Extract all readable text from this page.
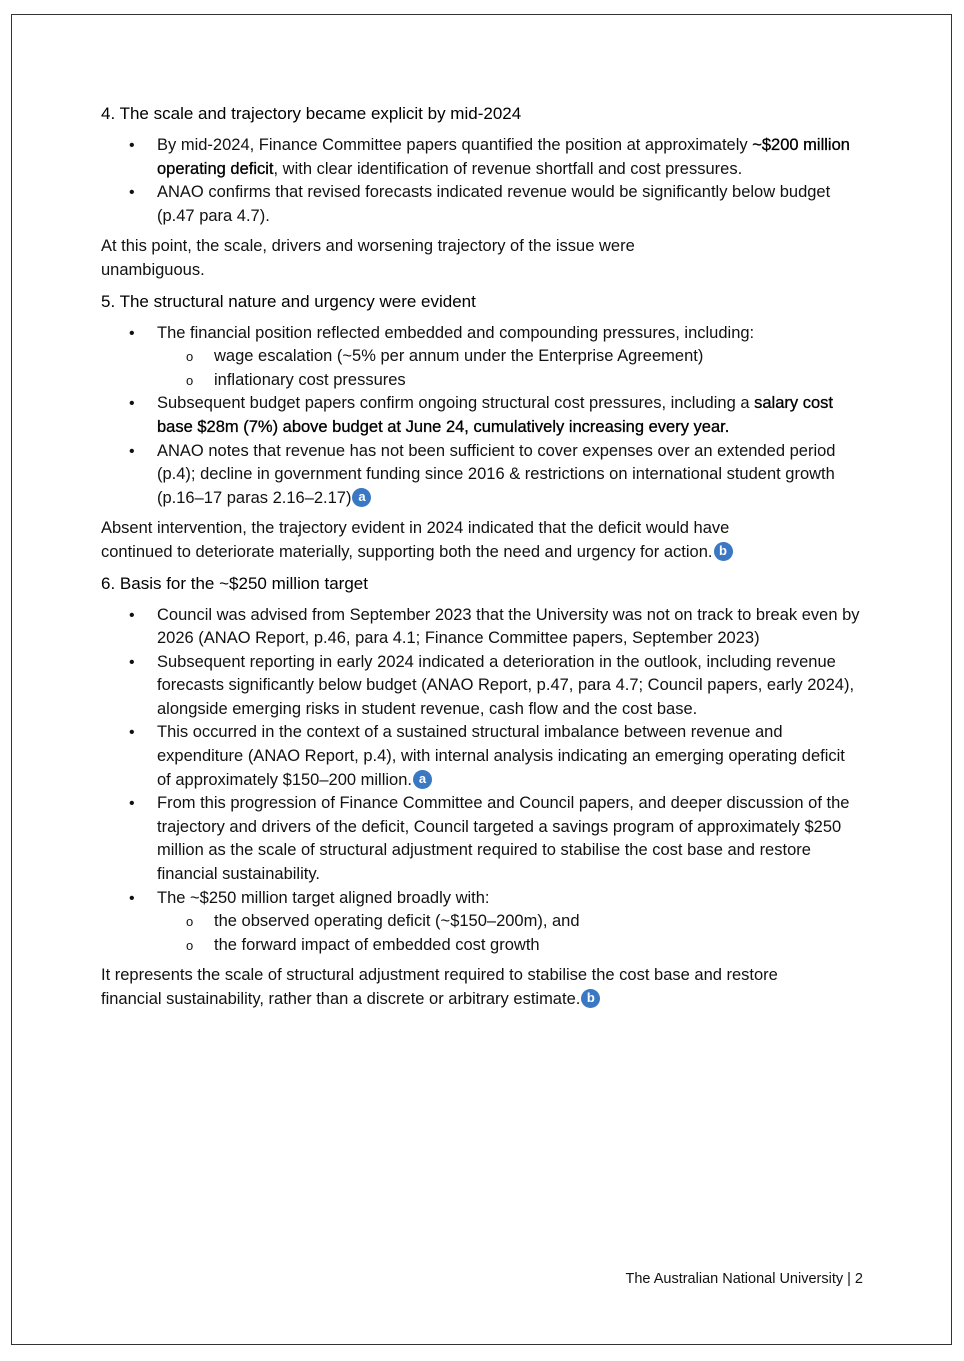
4. The scale and trajectory became explicit by mid-2024
• By mid-2024, Finance Committee papers quantified the position at approximately ~$200 million operating deficit, with clear identification of revenue shortfall and cost pressures.
• ANAO confirms that revised forecasts indicated revenue would be significantly below budget (p.47 para 4.7).

At this point, the scale, drivers and worsening trajectory of the issue were unambiguous.

5. The structural nature and urgency were evident
• The financial position reflected embedded and compounding pressures, including:
o wage escalation (~5% per annum under the Enterprise Agreement)
o inflationary cost pressures
• Subsequent budget papers confirm ongoing structural cost pressures, including a salary cost base $28m (7%) above budget at June 24, cumulatively increasing every year.
• ANAO notes that revenue has not been sufficient to cover expenses over an extended period (p.4); decline in government funding since 2016 & restrictions on international student growth (p.16–17 paras 2.16–2.17) a

Absent intervention, the trajectory evident in 2024 indicated that the deficit would have continued to deteriorate materially, supporting both the need and urgency for action. b

6. Basis for the ~$250 million target
• Council was advised from September 2023 that the University was not on track to break even by 2026 (ANAO Report, p.46, para 4.1; Finance Committee papers, September 2023)
• Subsequent reporting in early 2024 indicated a deterioration in the outlook, including revenue forecasts significantly below budget (ANAO Report, p.47, para 4.7; Council papers, early 2024), alongside emerging risks in student revenue, cash flow and the cost base.
• This occurred in the context of a sustained structural imbalance between revenue and expenditure (ANAO Report, p.4), with internal analysis indicating an emerging operating deficit of approximately $150–200 million. a
• From this progression of Finance Committee and Council papers, and deeper discussion of the trajectory and drivers of the deficit, Council targeted a savings program of approximately $250 million as the scale of structural adjustment required to stabilise the cost base and restore financial sustainability.
• The ~$250 million target aligned broadly with:
o the observed operating deficit (~$150–200m), and
o the forward impact of embedded cost growth

It represents the scale of structural adjustment required to stabilise the cost base and restore financial sustainability, rather than a discrete or arbitrary estimate. b

The Australian National University | 2
